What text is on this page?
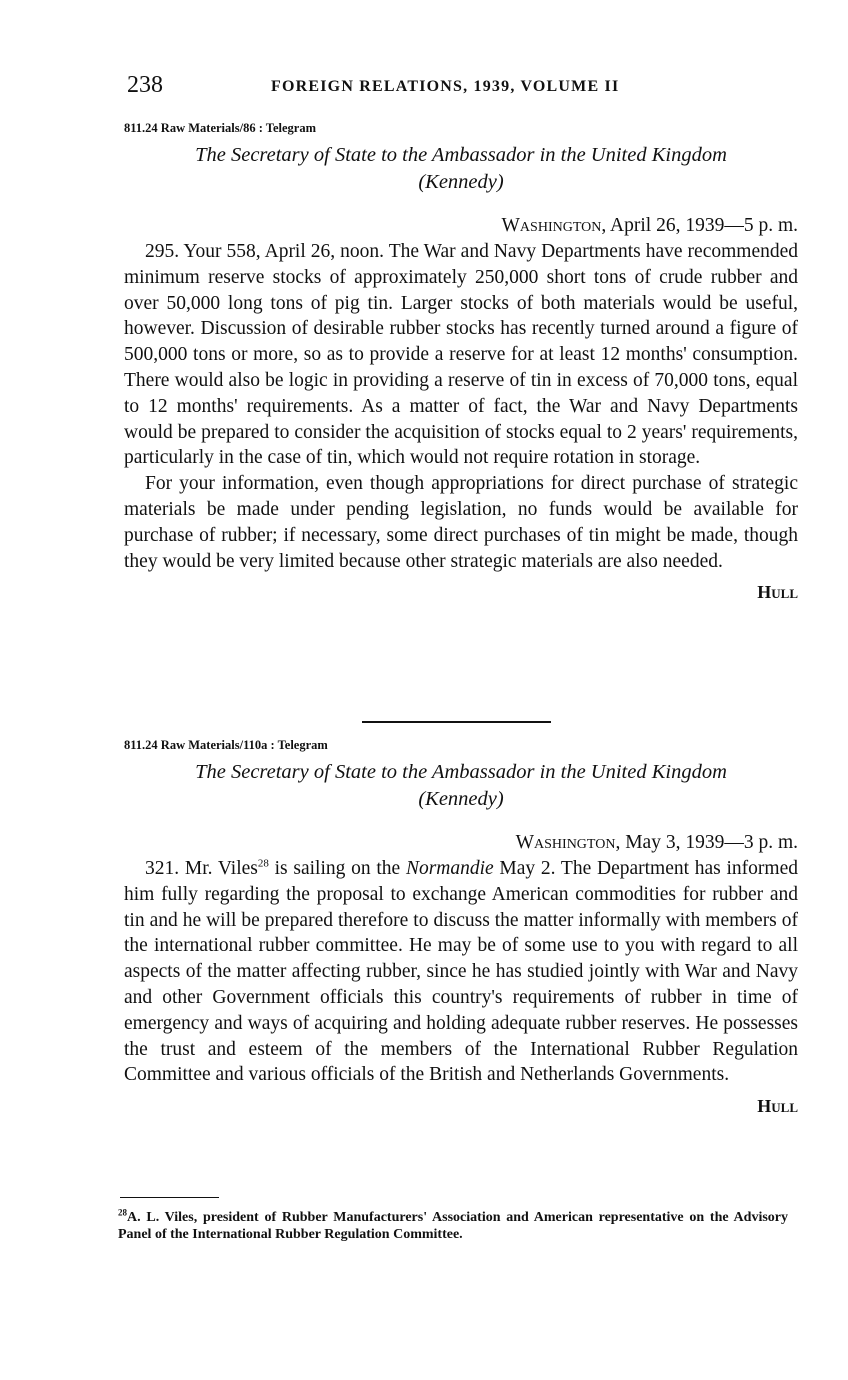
238	FOREIGN RELATIONS, 1939, VOLUME II

811.24 Raw Materials/86 : Telegram

The Secretary of State to the Ambassador in the United Kingdom
(Kennedy)

Washington, April 26, 1939—5 p. m.

295. Your 558, April 26, noon. The War and Navy Departments have recommended minimum reserve stocks of approximately 250,000 short tons of crude rubber and over 50,000 long tons of pig tin. Larger stocks of both materials would be useful, however. Discussion of desirable rubber stocks has recently turned around a figure of 500,000 tons or more, so as to provide a reserve for at least 12 months' consumption. There would also be logic in providing a reserve of tin in excess of 70,000 tons, equal to 12 months' requirements. As a matter of fact, the War and Navy Departments would be prepared to consider the acquisition of stocks equal to 2 years' requirements, particularly in the case of tin, which would not require rotation in storage.

For your information, even though appropriations for direct purchase of strategic materials be made under pending legislation, no funds would be available for purchase of rubber; if necessary, some direct purchases of tin might be made, though they would be very limited because other strategic materials are also needed.

Hull

811.24 Raw Materials/110a : Telegram

The Secretary of State to the Ambassador in the United Kingdom
(Kennedy)

Washington, May 3, 1939—3 p. m.

321. Mr. Viles$^{28}$ is sailing on the Normandie May 2. The Department has informed him fully regarding the proposal to exchange American commodities for rubber and tin and he will be prepared therefore to discuss the matter informally with members of the international rubber committee. He may be of some use to you with regard to all aspects of the matter affecting rubber, since he has studied jointly with War and Navy and other Government officials this country's requirements of rubber in time of emergency and ways of acquiring and holding adequate rubber reserves. He possesses the trust and esteem of the members of the International Rubber Regulation Committee and various officials of the British and Netherlands Governments.

Hull

$^{28}$A. L. Viles, president of Rubber Manufacturers' Association and American representative on the Advisory Panel of the International Rubber Regulation Committee.
